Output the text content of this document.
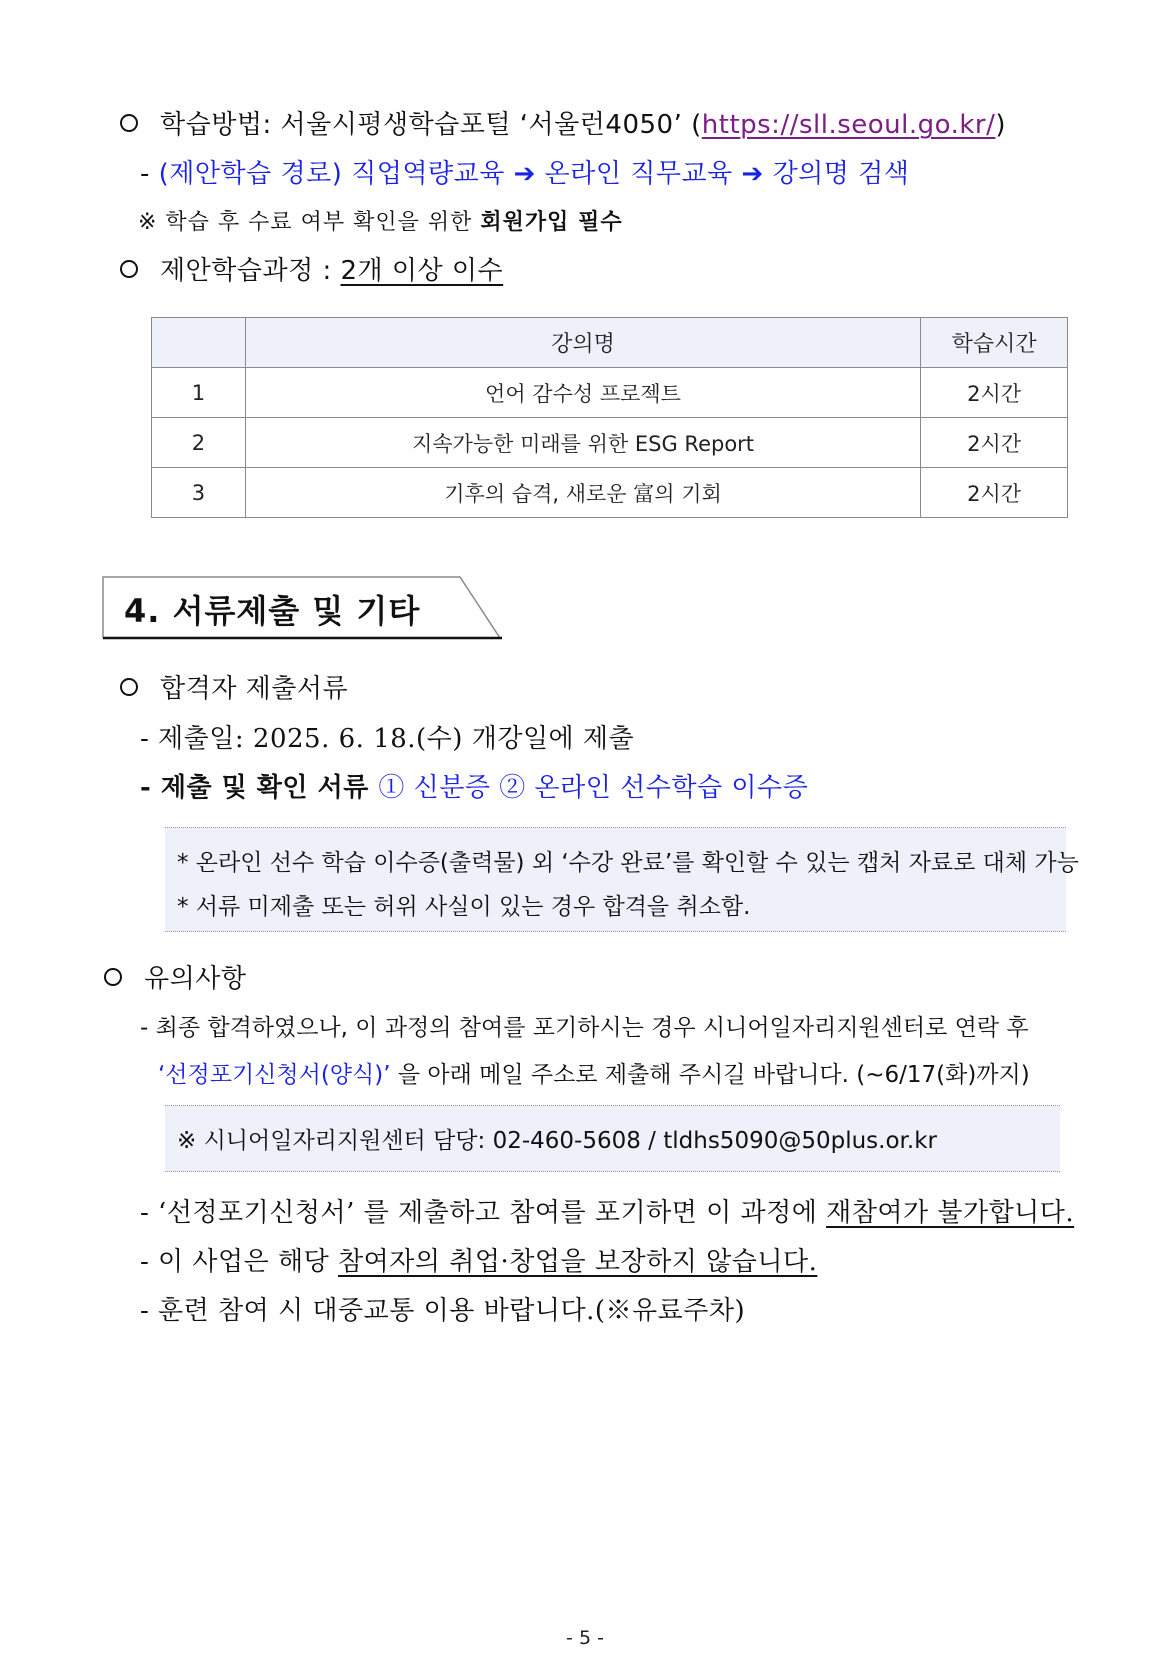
학습방법: 서울시평생학습포털 ‘서울런4050’ (https://sll.seoul.go.kr/)
- (제안학습 경로) 직업역량교육 ➔ 온라인 직무교육 ➔ 강의명 검색
※ 학습 후 수료 여부 확인을 위한 회원가입 필수
제안학습과정 : 2개 이상 이수
	강의명	학습시간
1	언어 감수성 프로젝트	2시간
2	지속가능한 미래를 위한 ESG Report	2시간
3	기후의 습격, 새로운 富의 기회	2시간
4. 서류제출 및 기타
합격자 제출서류
- 제출일: 2025. 6. 18.(수) 개강일에 제출
- 제출 및 확인 서류 ① 신분증 ② 온라인 선수학습 이수증
* 온라인 선수 학습 이수증(출력물) 외 ‘수강 완료’를 확인할 수 있는 캡처 자료로 대체 가능
* 서류 미제출 또는 허위 사실이 있는 경우 합격을 취소함.
유의사항
- 최종 합격하였으나, 이 과정의 참여를 포기하시는 경우 시니어일자리지원센터로 연락 후
‘선정포기신청서(양식)’ 을 아래 메일 주소로 제출해 주시길 바랍니다. (~6/17(화)까지)
※ 시니어일자리지원센터 담당: 02-460-5608 / tldhs5090@50plus.or.kr
- ‘선정포기신청서’ 를 제출하고 참여를 포기하면 이 과정에 재참여가 불가합니다.
- 이 사업은 해당 참여자의 취업·창업을 보장하지 않습니다.
- 훈련 참여 시 대중교통 이용 바랍니다.(※유료주차)
- 5 -
